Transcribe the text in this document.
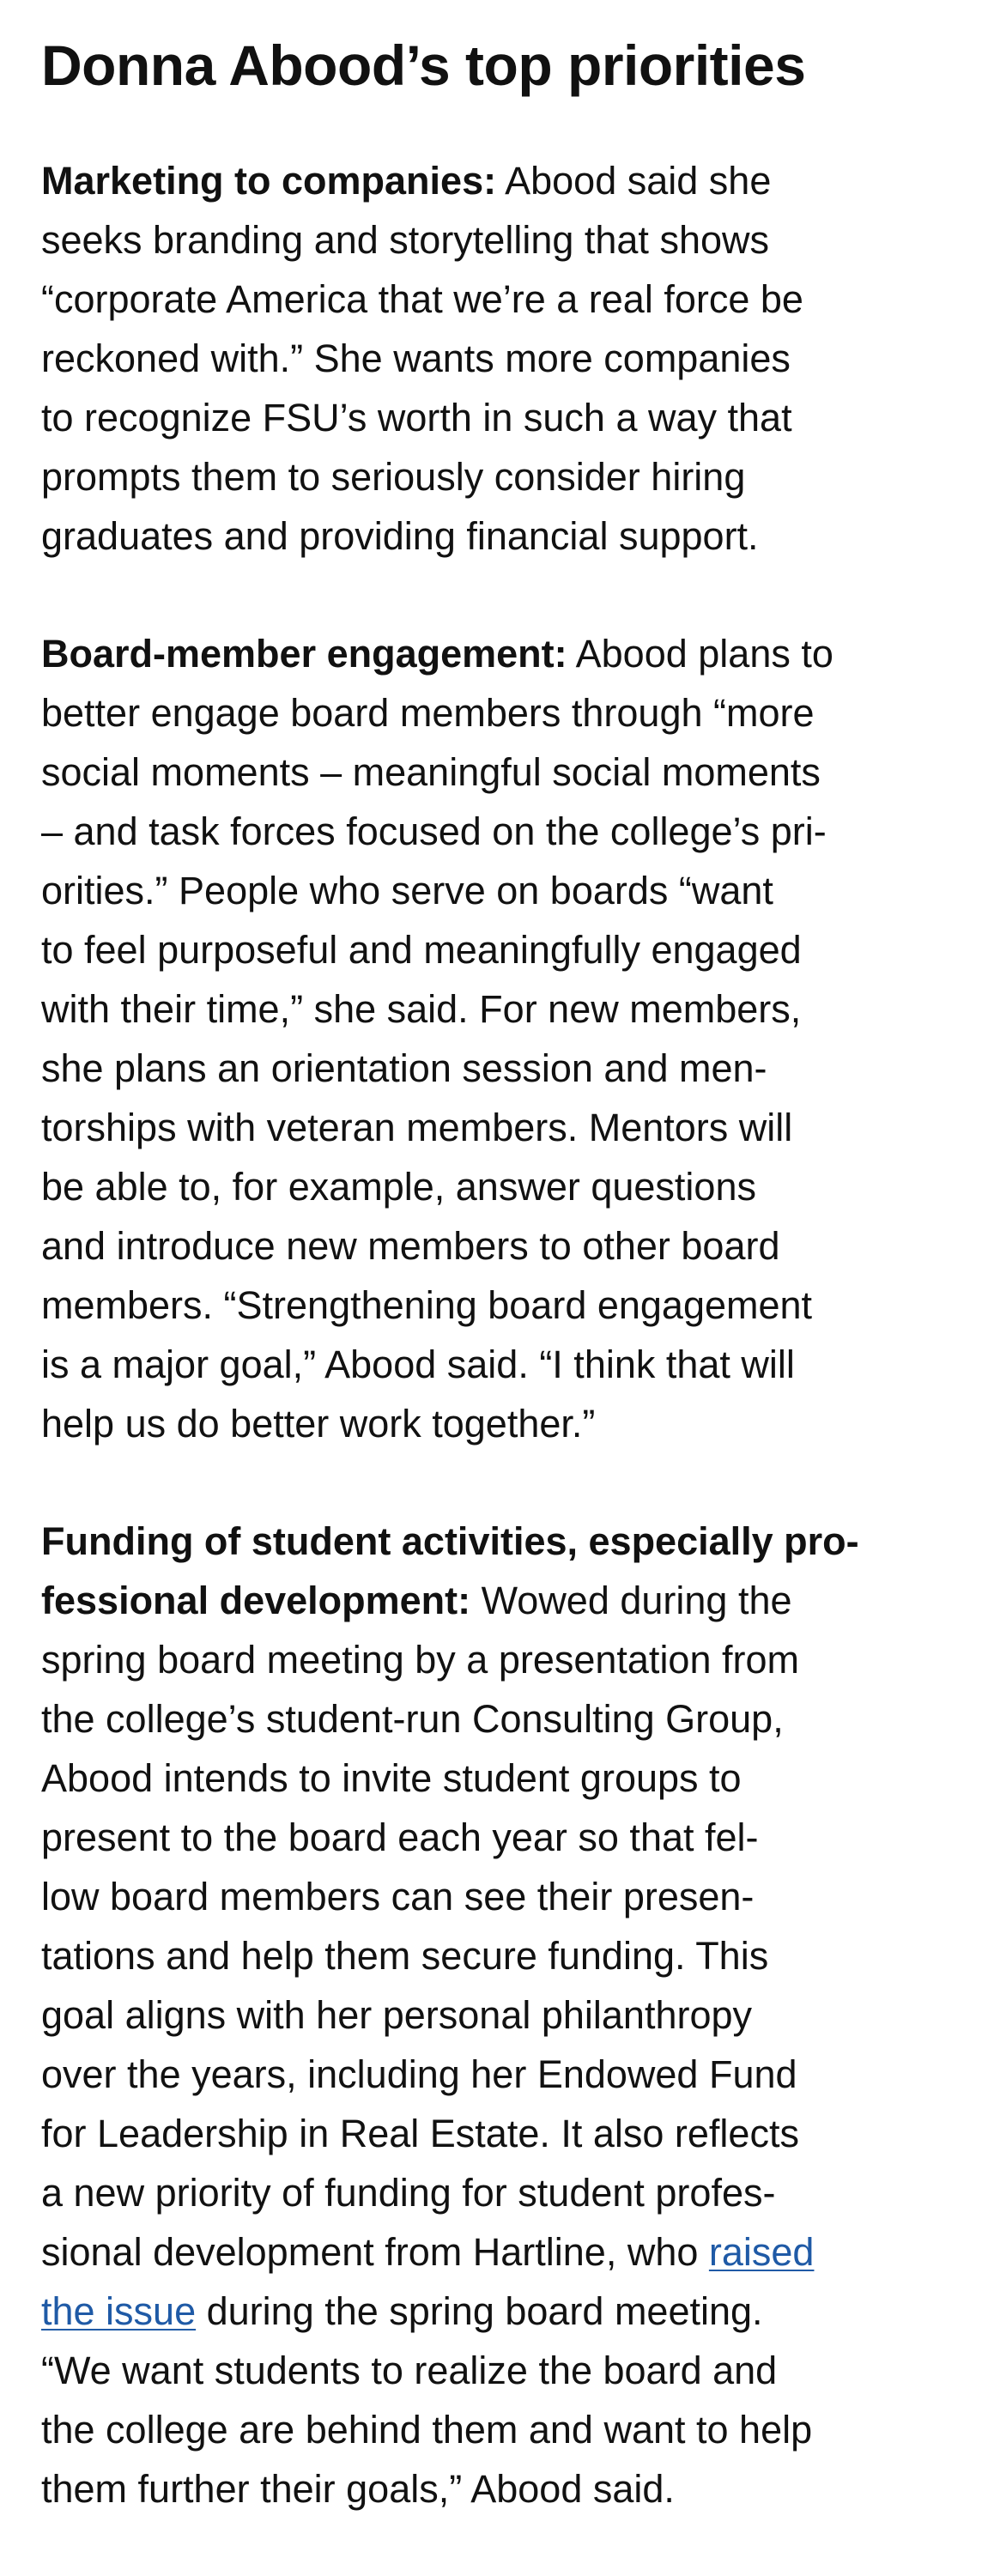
Donna Abood’s top priorities

Marketing to companies: Abood said she
seeks branding and storytelling that shows
“corporate America that we’re a real force be
reckoned with.” She wants more companies
to recognize FSU’s worth in such a way that
prompts them to seriously consider hiring
graduates and providing financial support.

Board-member engagement: Abood plans to
better engage board members through “more
social moments – meaningful social moments
– and task forces focused on the college’s pri-
orities.” People who serve on boards “want
to feel purposeful and meaningfully engaged
with their time,” she said. For new members,
she plans an orientation session and men-
torships with veteran members. Mentors will
be able to, for example, answer questions
and introduce new members to other board
members. “Strengthening board engagement
is a major goal,” Abood said. “I think that will
help us do better work together.”

Funding of student activities, especially pro-
fessional development: Wowed during the
spring board meeting by a presentation from
the college’s student-run Consulting Group,
Abood intends to invite student groups to
present to the board each year so that fel-
low board members can see their presen-
tations and help them secure funding. This
goal aligns with her personal philanthropy
over the years, including her Endowed Fund
for Leadership in Real Estate. It also reflects
a new priority of funding for student profes-
sional development from Hartline, who raised
the issue during the spring board meeting.
“We want students to realize the board and
the college are behind them and want to help
them further their goals,” Abood said.
